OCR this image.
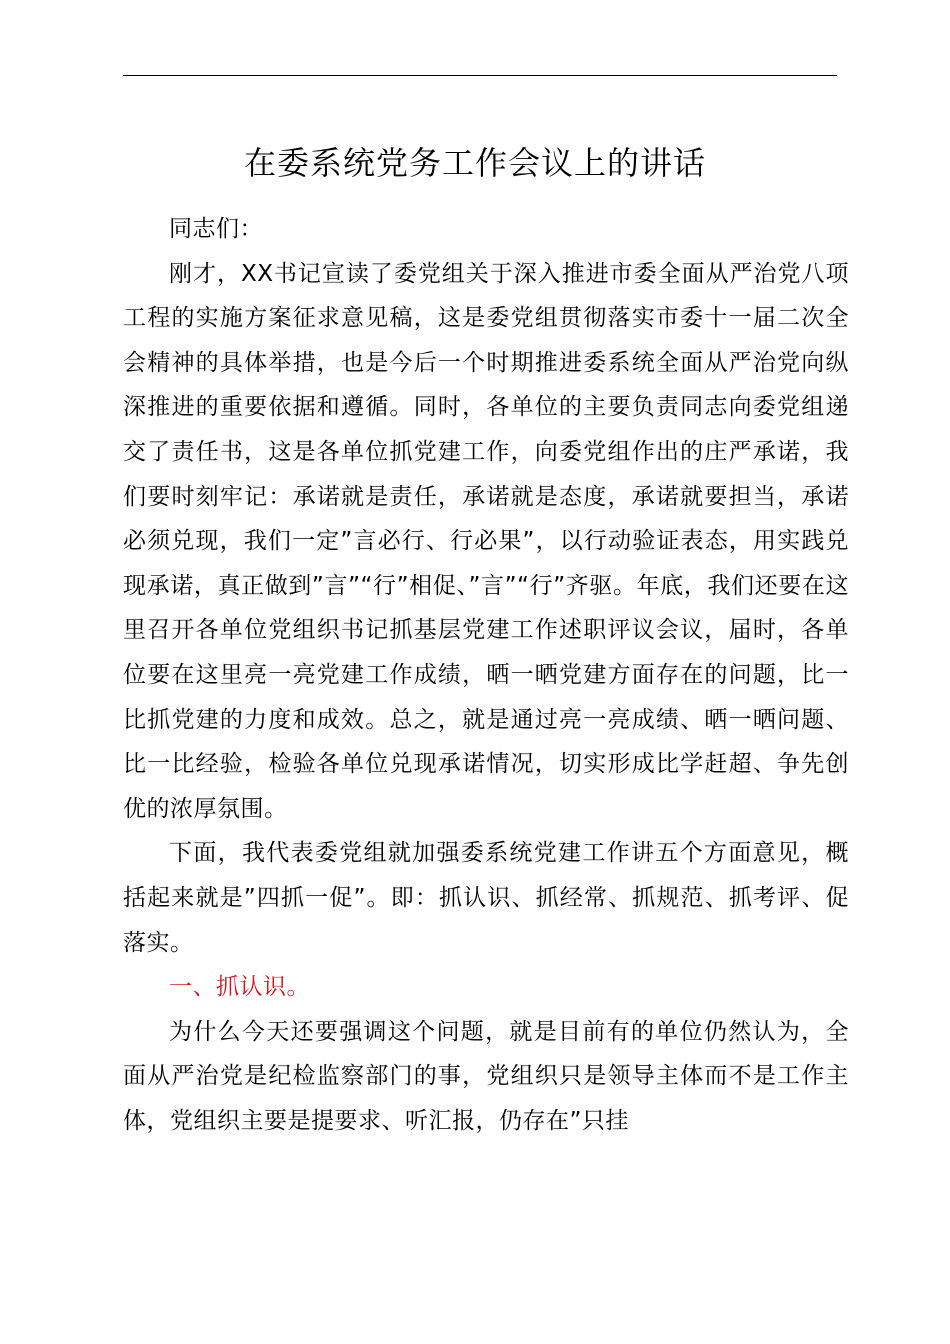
在委系统党务工作会议上的讲话

同志们：

刚才，XX书记宣读了委党组关于深入推进市委全面从严治党八项工程的实施方案征求意见稿，这是委党组贯彻落实市委十一届二次全会精神的具体举措，也是今后一个时期推进委系统全面从严治党向纵深推进的重要依据和遵循。同时，各单位的主要负责同志向委党组递交了责任书，这是各单位抓党建工作，向委党组作出的庄严承诺，我们要时刻牢记：承诺就是责任，承诺就是态度，承诺就要担当，承诺必须兑现，我们一定”言必行、行必果”，以行动验证表态，用实践兑现承诺，真正做到”言”“行”相促、”言”“行”齐驱。年底，我们还要在这里召开各单位党组织书记抓基层党建工作述职评议会议，届时，各单位要在这里亮一亮党建工作成绩，晒一晒党建方面存在的问题，比一比抓党建的力度和成效。总之，就是通过亮一亮成绩、晒一晒问题、比一比经验，检验各单位兑现承诺情况，切实形成比学赶超、争先创优的浓厚氛围。

下面，我代表委党组就加强委系统党建工作讲五个方面意见，概括起来就是”四抓一促”。即：抓认识、抓经常、抓规范、抓考评、促落实。

一、抓认识。

为什么今天还要强调这个问题，就是目前有的单位仍然认为，全面从严治党是纪检监察部门的事，党组织只是领导主体而不是工作主体，党组织主要是提要求、听汇报，仍存在”只挂
